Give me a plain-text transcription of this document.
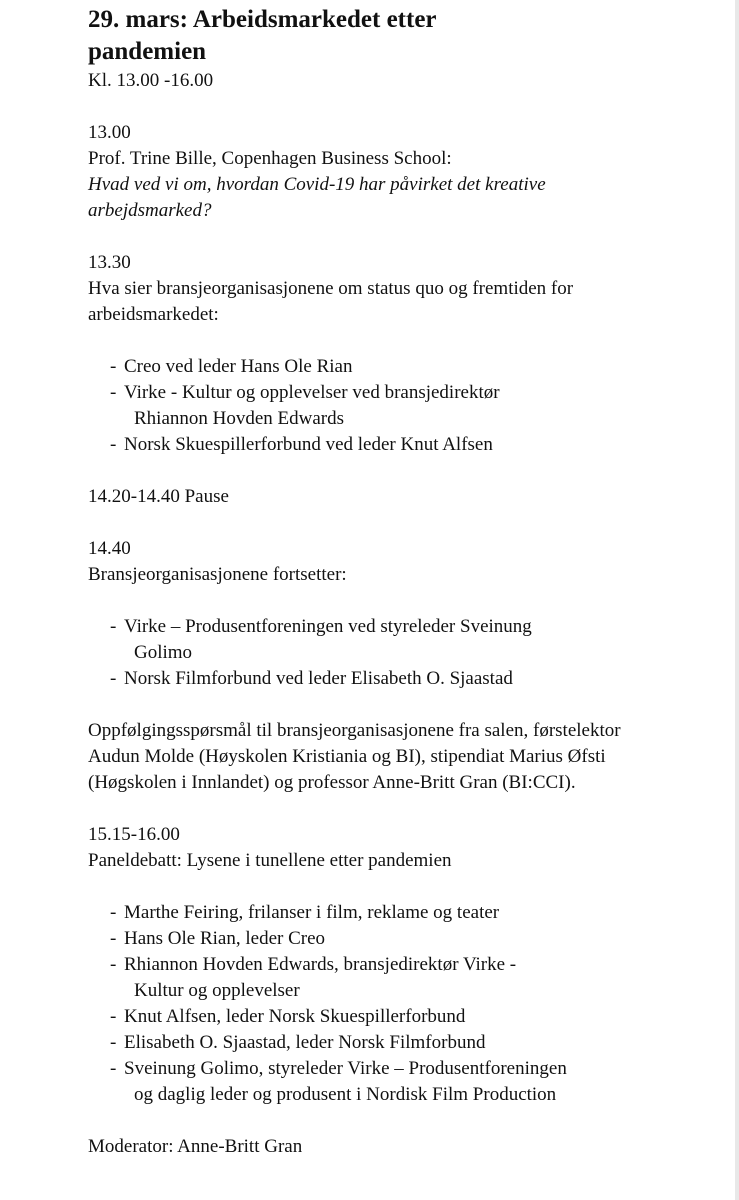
29. mars: Arbeidsmarkedet etter pandemien

Kl. 13.00 -16.00

13.00

Prof. Trine Bille, Copenhagen Business School:

Hvad ved vi om, hvordan Covid-19 har påvirket det kreative arbejdsmarked?

13.30

Hva sier bransjeorganisasjonene om status quo og fremtiden for arbeidsmarkedet:

- Creo ved leder Hans Ole Rian
- Virke - Kultur og opplevelser ved bransjedirektør
Rhiannon Hovden Edwards
- Norsk Skuespillerforbund ved leder Knut Alfsen

14.20-14.40 Pause

14.40

Bransjeorganisasjonene fortsetter:

- Virke – Produsentforeningen ved styreleder Sveinung
Golimo
- Norsk Filmforbund ved leder Elisabeth O. Sjaastad

Oppfølgingsspørsmål til bransjeorganisasjonene fra salen, førstelektor Audun Molde (Høyskolen Kristiania og BI), stipendiat Marius Øfsti (Høgskolen i Innlandet) og professor Anne-Britt Gran (BI:CCI).

15.15-16.00

Paneldebatt: Lysene i tunellene etter pandemien

- Marthe Feiring, frilanser i film, reklame og teater
- Hans Ole Rian, leder Creo
- Rhiannon Hovden Edwards, bransjedirektør Virke -
Kultur og opplevelser
- Knut Alfsen, leder Norsk Skuespillerforbund
- Elisabeth O. Sjaastad, leder Norsk Filmforbund
- Sveinung Golimo, styreleder Virke – Produsentforeningen
og daglig leder og produsent i Nordisk Film Production

Moderator: Anne-Britt Gran
